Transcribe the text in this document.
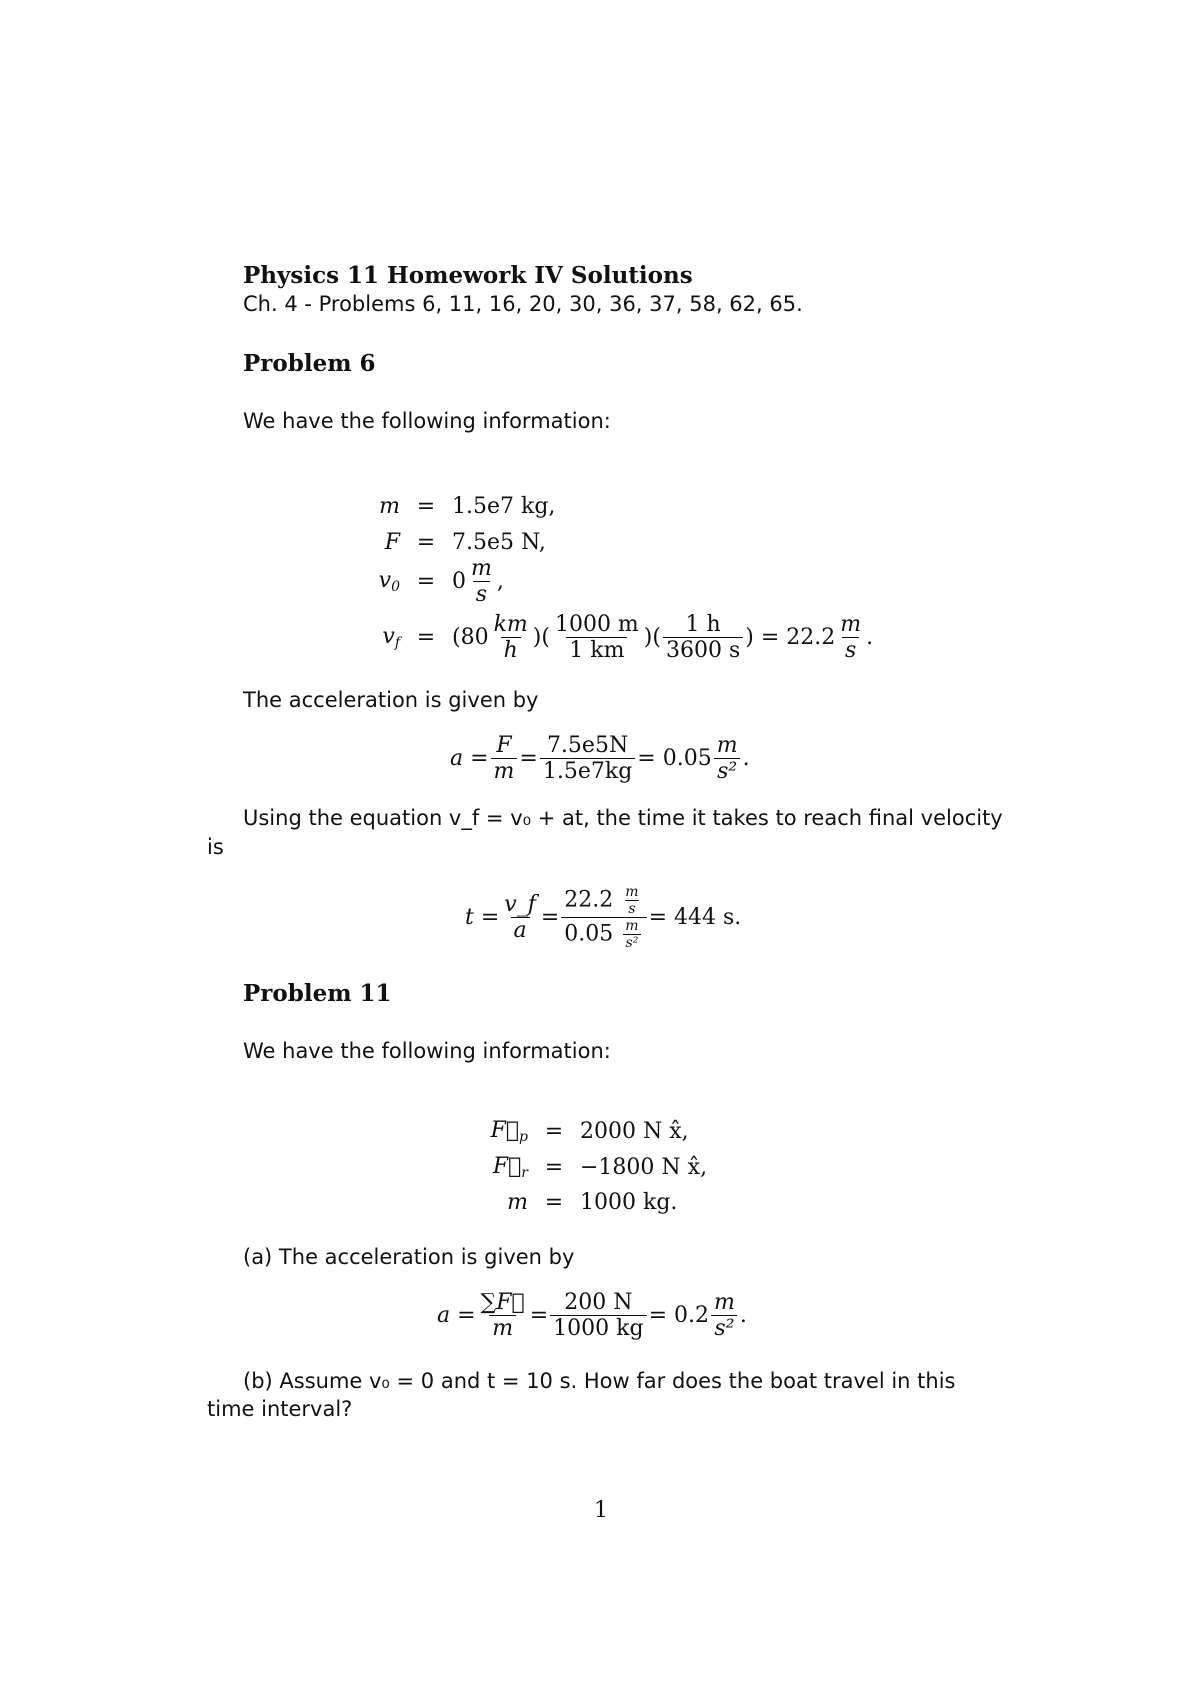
Physics 11 Homework IV Solutions
Ch. 4 - Problems 6, 11, 16, 20, 30, 36, 37, 58, 62, 65.
Problem 6
We have the following information:
m = 1.5e7 kg,
F = 7.5e5 N,
$v_0 = 0 \frac{m}{s}$ ,
$v_f = (80 \frac{km}{h}$ )( $\frac{1000 m}{1 km}$ )( $\frac{1 h}{3600 s}$ ) = $22.2 \frac{m}{s}$ .
The acceleration is given by
$a = \frac{F}{m} = \frac{7.5e5N}{1.5e7kg} = 0.05 \frac{m}{\text{s²}}$ .
Using the equation v_f = v₀ + at, the time it takes to reach final velocity
is
$t = \frac{v\_f}{a} = \frac{22.2 \frac{m}{s}}{0.05 \frac{m}{\text{s²}}} = 444$ s.
Problem 11
We have the following information:
$F⃗_p = 2000$ N x̂,
$F⃗_r = -1800$ N x̂,
m = 1000 kg.
(a) The acceleration is given by
$a = \frac{\sum F⃗}{m} = \frac{200 N}{1000 kg} = 0.2 \frac{m}{\text{s²}}$ .
(b) Assume v₀ = 0 and t = 10 s. How far does the boat travel in this
time interval?
1
